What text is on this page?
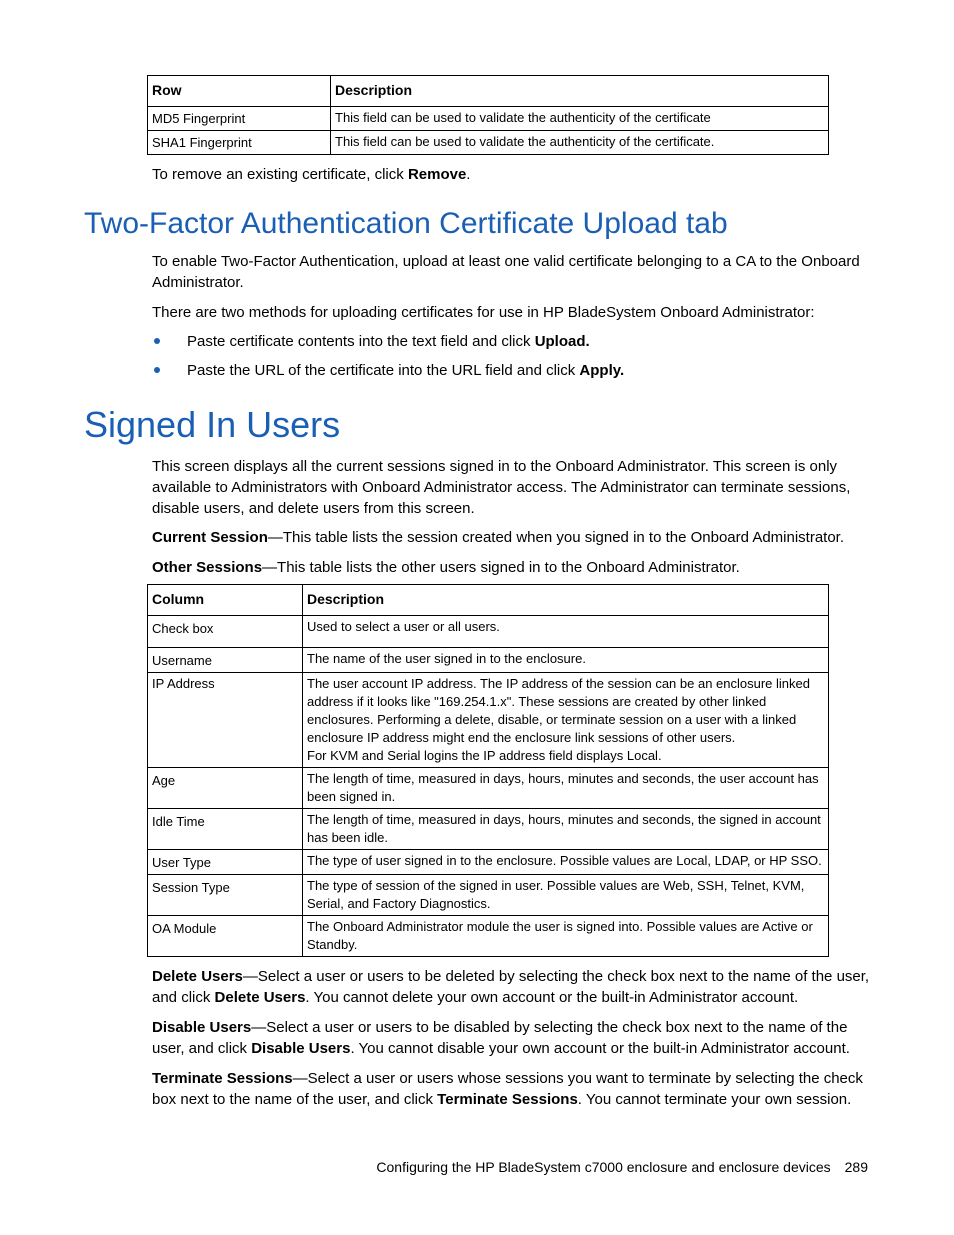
Row	Description
MD5 Fingerprint	This field can be used to validate the authenticity of the certificate
SHA1 Fingerprint	This field can be used to validate the authenticity of the certificate.

To remove an existing certificate, click Remove.

Two-Factor Authentication Certificate Upload tab

To enable Two-Factor Authentication, upload at least one valid certificate belonging to a CA to the Onboard Administrator.

There are two methods for uploading certificates for use in HP BladeSystem Onboard Administrator:

Paste certificate contents into the text field and click Upload.
Paste the URL of the certificate into the URL field and click Apply.
Signed In Users

This screen displays all the current sessions signed in to the Onboard Administrator. This screen is only available to Administrators with Onboard Administrator access. The Administrator can terminate sessions, disable users, and delete users from this screen.

Current Session—This table lists the session created when you signed in to the Onboard Administrator.

Other Sessions—This table lists the other users signed in to the Onboard Administrator.

Column	Description
Check box	Used to select a user or all users.
Username	The name of the user signed in to the enclosure.
IP Address	The user account IP address. The IP address of the session can be an enclosure linked address if it looks like "169.254.1.x". These sessions are created by other linked enclosures. Performing a delete, disable, or terminate session on a user with a linked enclosure IP address might end the enclosure link sessions of other users.
For KVM and Serial logins the IP address field displays Local.

Age	The length of time, measured in days, hours, minutes and seconds, the user account has been signed in.
Idle Time	The length of time, measured in days, hours, minutes and seconds, the signed in account has been idle.
User Type	The type of user signed in to the enclosure. Possible values are Local, LDAP, or HP SSO.
Session Type	The type of session of the signed in user. Possible values are Web, SSH, Telnet, KVM, Serial, and Factory Diagnostics.
OA Module	The Onboard Administrator module the user is signed into. Possible values are Active or Standby.

Delete Users—Select a user or users to be deleted by selecting the check box next to the name of the user, and click Delete Users. You cannot delete your own account or the built-in Administrator account.

Disable Users—Select a user or users to be disabled by selecting the check box next to the name of the user, and click Disable Users. You cannot disable your own account or the built-in Administrator account.

Terminate Sessions—Select a user or users whose sessions you want to terminate by selecting the check box next to the name of the user, and click Terminate Sessions. You cannot terminate your own session.

Configuring the HP BladeSystem c7000 enclosure and enclosure devices 289
